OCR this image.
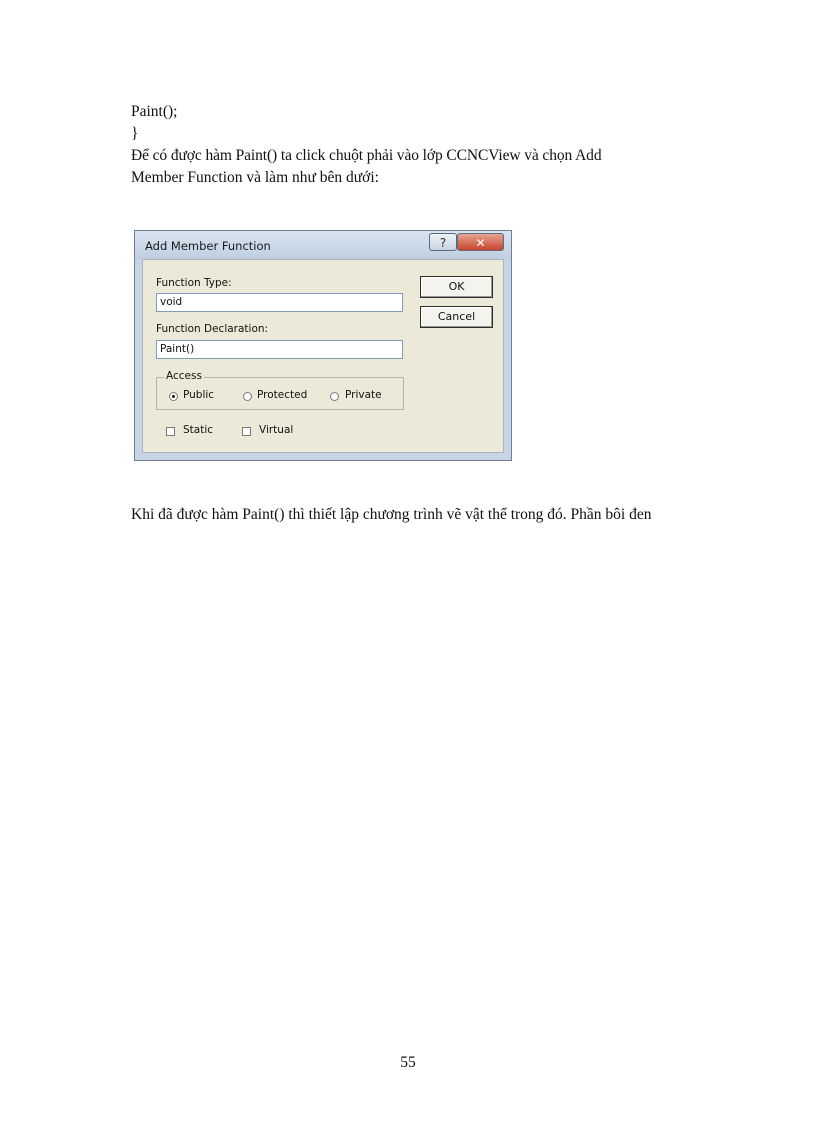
Paint();
}
Để có được hàm Paint() ta click chuột phải vào lớp CCNCView và chọn Add
Member Function và làm như bên dưới:
Add Member Function	?	✕
Function Type:
void
Function Declaration:
Paint()
OK
Cancel
Access
Public	Protected	Private
Static	Virtual
Khi đã được hàm Paint() thì thiết lập chương trình vẽ vật thể trong đó. Phần bôi đen
55
